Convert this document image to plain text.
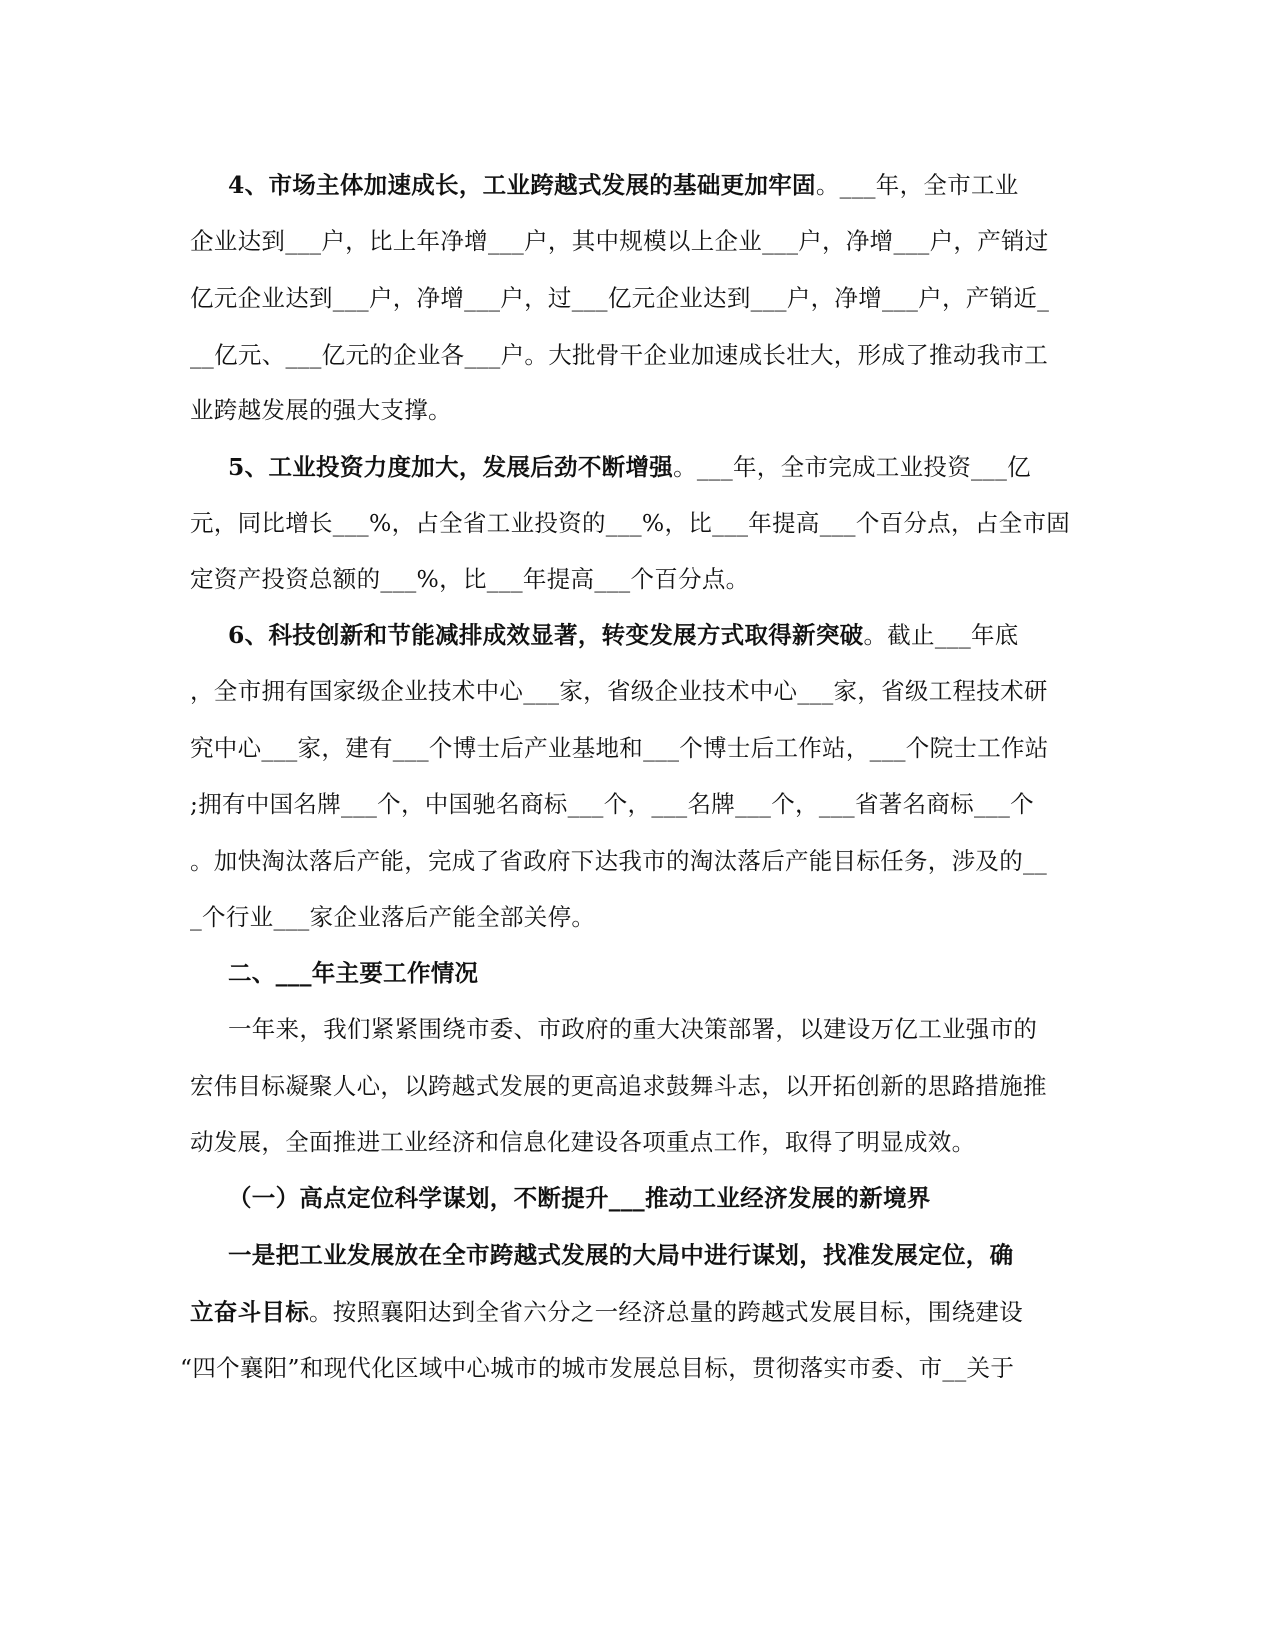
4、市场主体加速成长，工业跨越式发展的基础更加牢固。___年，全市工业
企业达到___户，比上年净增___户，其中规模以上企业___户，净增___户，产销过
亿元企业达到___户，净增___户，过___亿元企业达到___户，净增___户，产销近_
__亿元、___亿元的企业各___户。大批骨干企业加速成长壮大，形成了推动我市工
业跨越发展的强大支撑。
5、工业投资力度加大，发展后劲不断增强。___年，全市完成工业投资___亿
元，同比增长___%，占全省工业投资的___%，比___年提高___个百分点，占全市固
定资产投资总额的___%，比___年提高___个百分点。
6、科技创新和节能减排成效显著，转变发展方式取得新突破。截止___年底
，全市拥有国家级企业技术中心___家，省级企业技术中心___家，省级工程技术研
究中心___家，建有___个博士后产业基地和___个博士后工作站，___个院士工作站
;拥有中国名牌___个，中国驰名商标___个，___名牌___个，___省著名商标___个
。加快淘汰落后产能，完成了省政府下达我市的淘汰落后产能目标任务，涉及的__
_个行业___家企业落后产能全部关停。
二、___年主要工作情况
一年来，我们紧紧围绕市委、市政府的重大决策部署，以建设万亿工业强市的
宏伟目标凝聚人心，以跨越式发展的更高追求鼓舞斗志，以开拓创新的思路措施推
动发展，全面推进工业经济和信息化建设各项重点工作，取得了明显成效。
（一）高点定位科学谋划，不断提升___推动工业经济发展的新境界
一是把工业发展放在全市跨越式发展的大局中进行谋划，找准发展定位，确
立奋斗目标。按照襄阳达到全省六分之一经济总量的跨越式发展目标，围绕建设
“四个襄阳”和现代化区域中心城市的城市发展总目标，贯彻落实市委、市__关于
